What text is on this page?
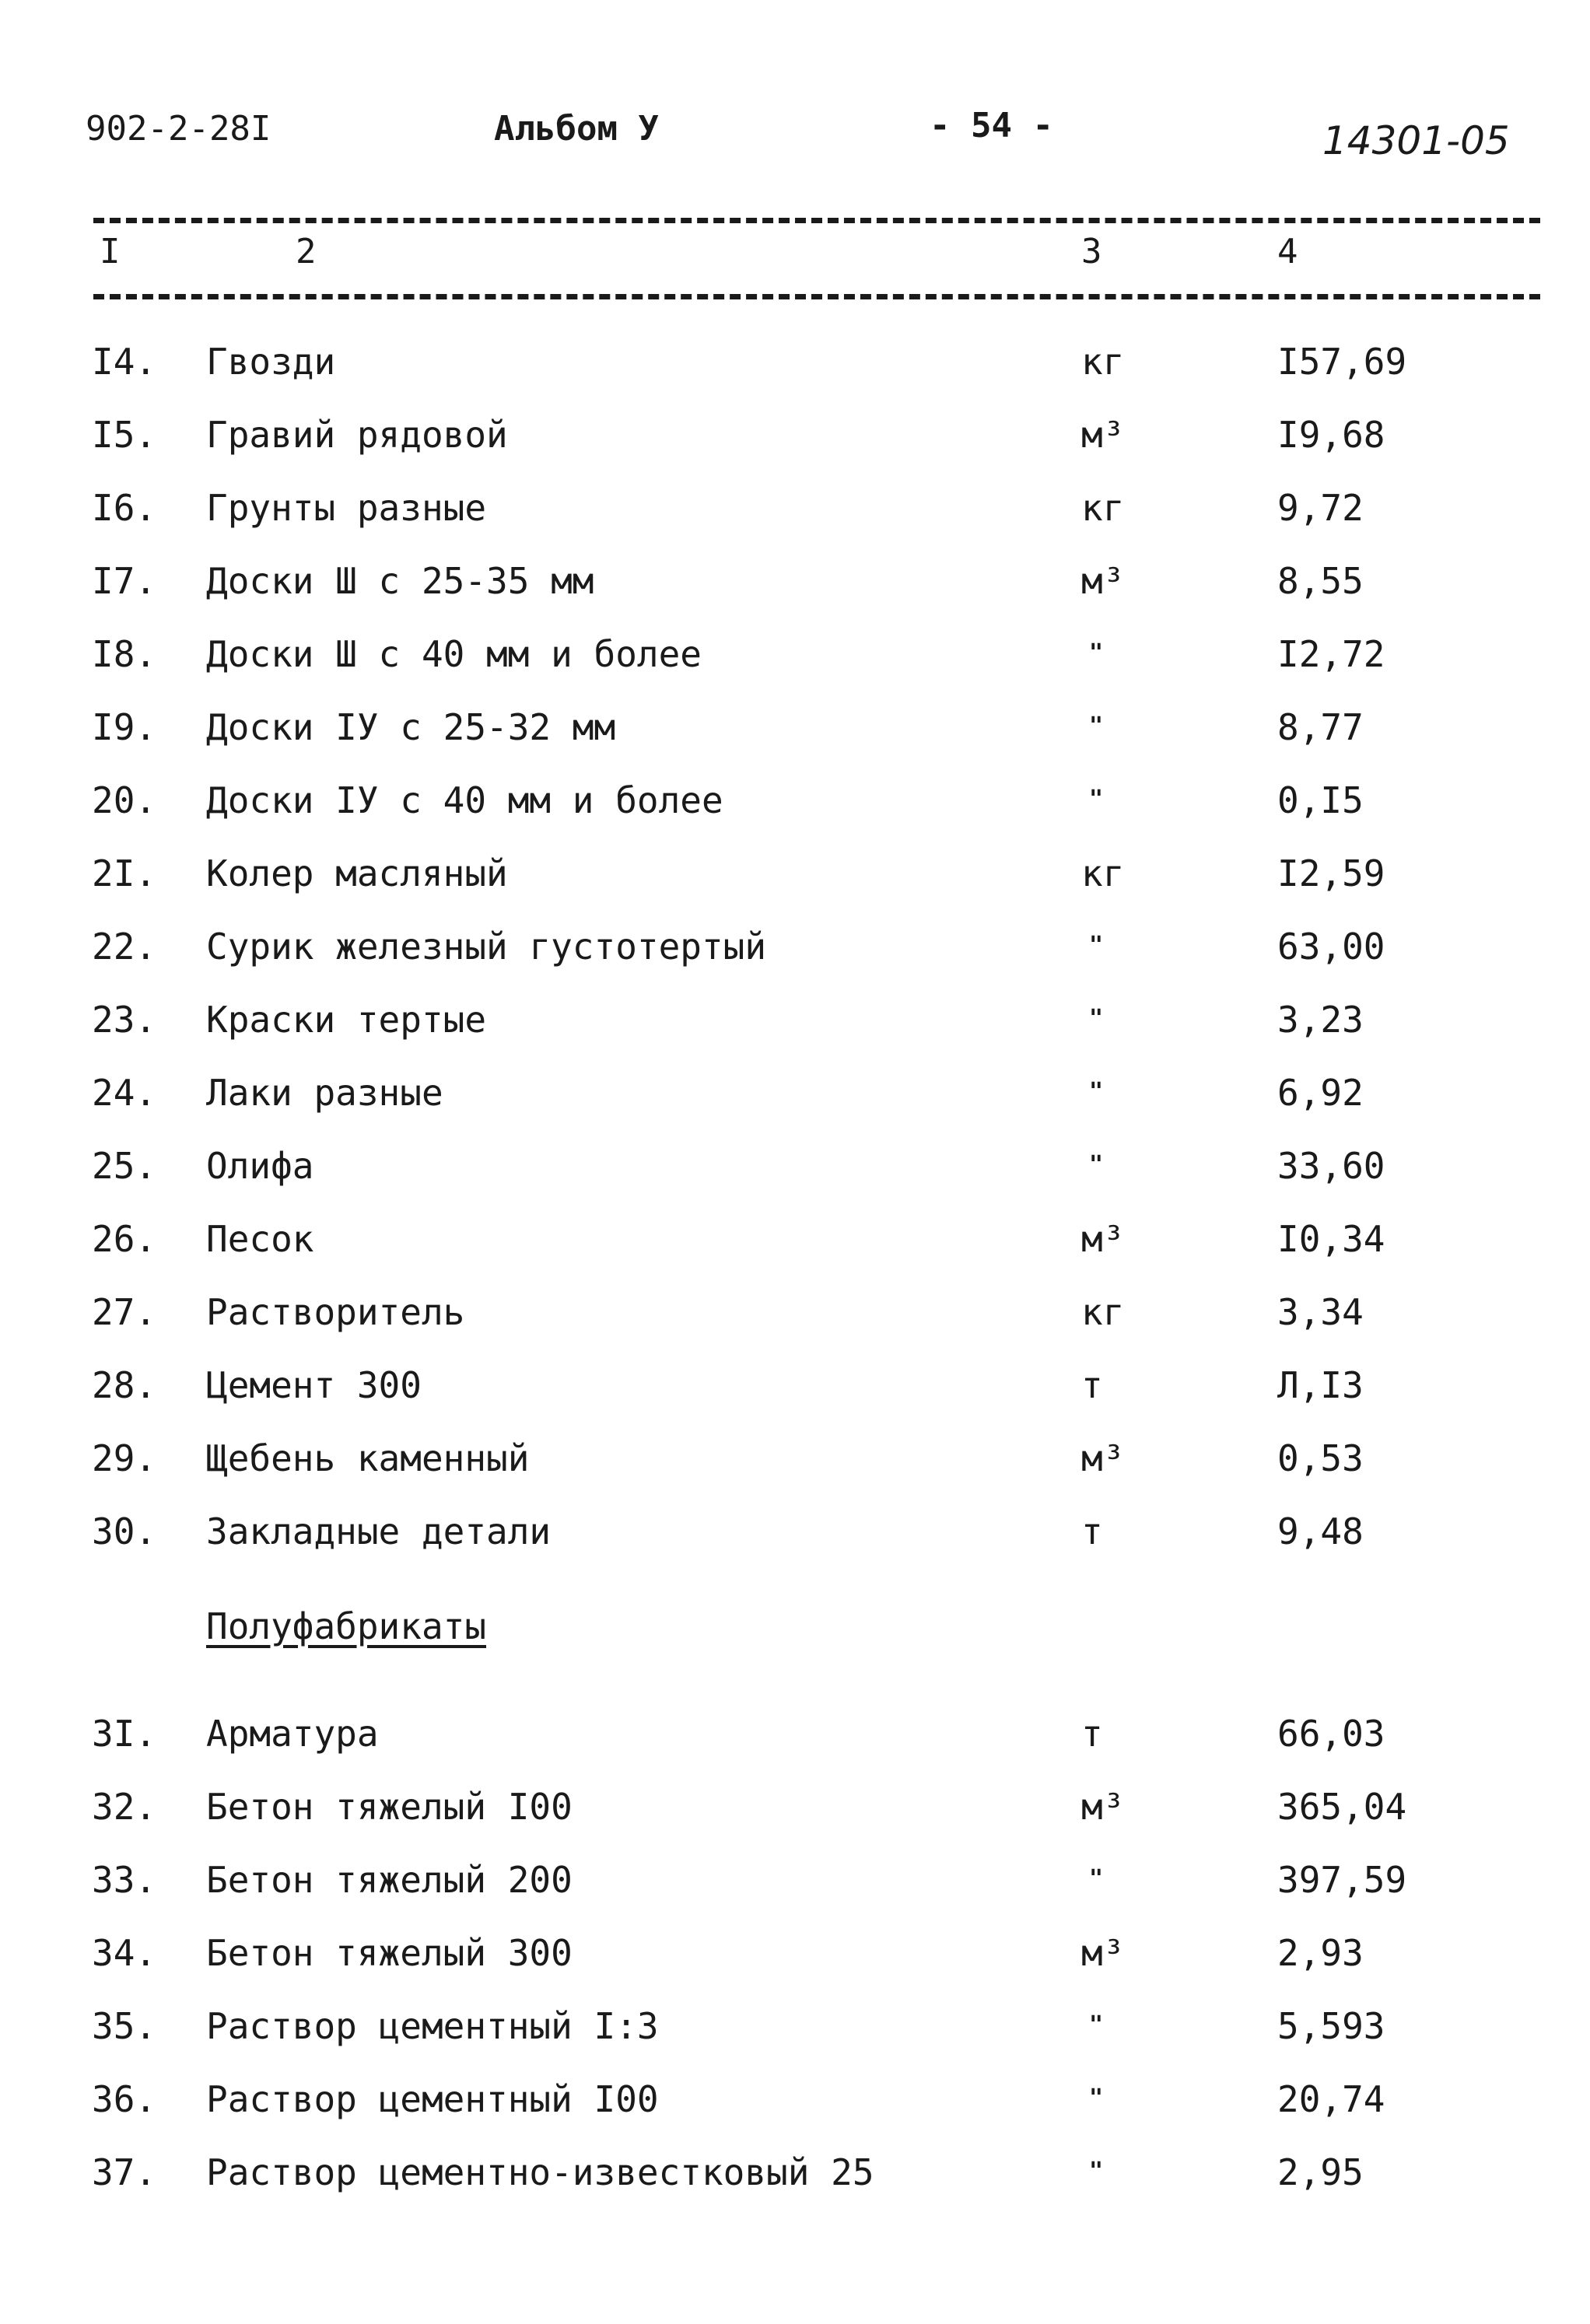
902-2-28I	Альбом У	- 54 -	14301-05
I	2	3	4
I4. Гвозди	кг	I57,69
I5. Гравий рядовой	м³	I9,68
I6. Грунты разные	кг	9,72
I7. Доски Ш с 25-35 мм	м³	8,55
I8. Доски Ш с 40 мм и более	"	I2,72
I9. Доски IУ с 25-32 мм	"	8,77
20. Доски IУ с 40 мм и более	"	0,I5
2I. Колер масляный	кг	I2,59
22. Сурик железный густотертый	"	63,00
23. Краски тертые	"	3,23
24. Лаки разные	"	6,92
25. Олифа	"	33,60
26. Песок	м³	I0,34
27. Растворитель	кг	3,34
28. Цемент 300	т	Л,I3
29. Щебень каменный	м³	0,53
30. Закладные детали	т	9,48
Полуфабрикаты
3I. Арматура	т	66,03
32. Бетон тяжелый I00	м³	365,04
33. Бетон тяжелый 200	"	397,59
34. Бетон тяжелый 300	м³	2,93
35. Раствор цементный I:3	"	5,593
36. Раствор цементный I00	"	20,74
37. Раствор цементно-известковый 25	"	2,95
